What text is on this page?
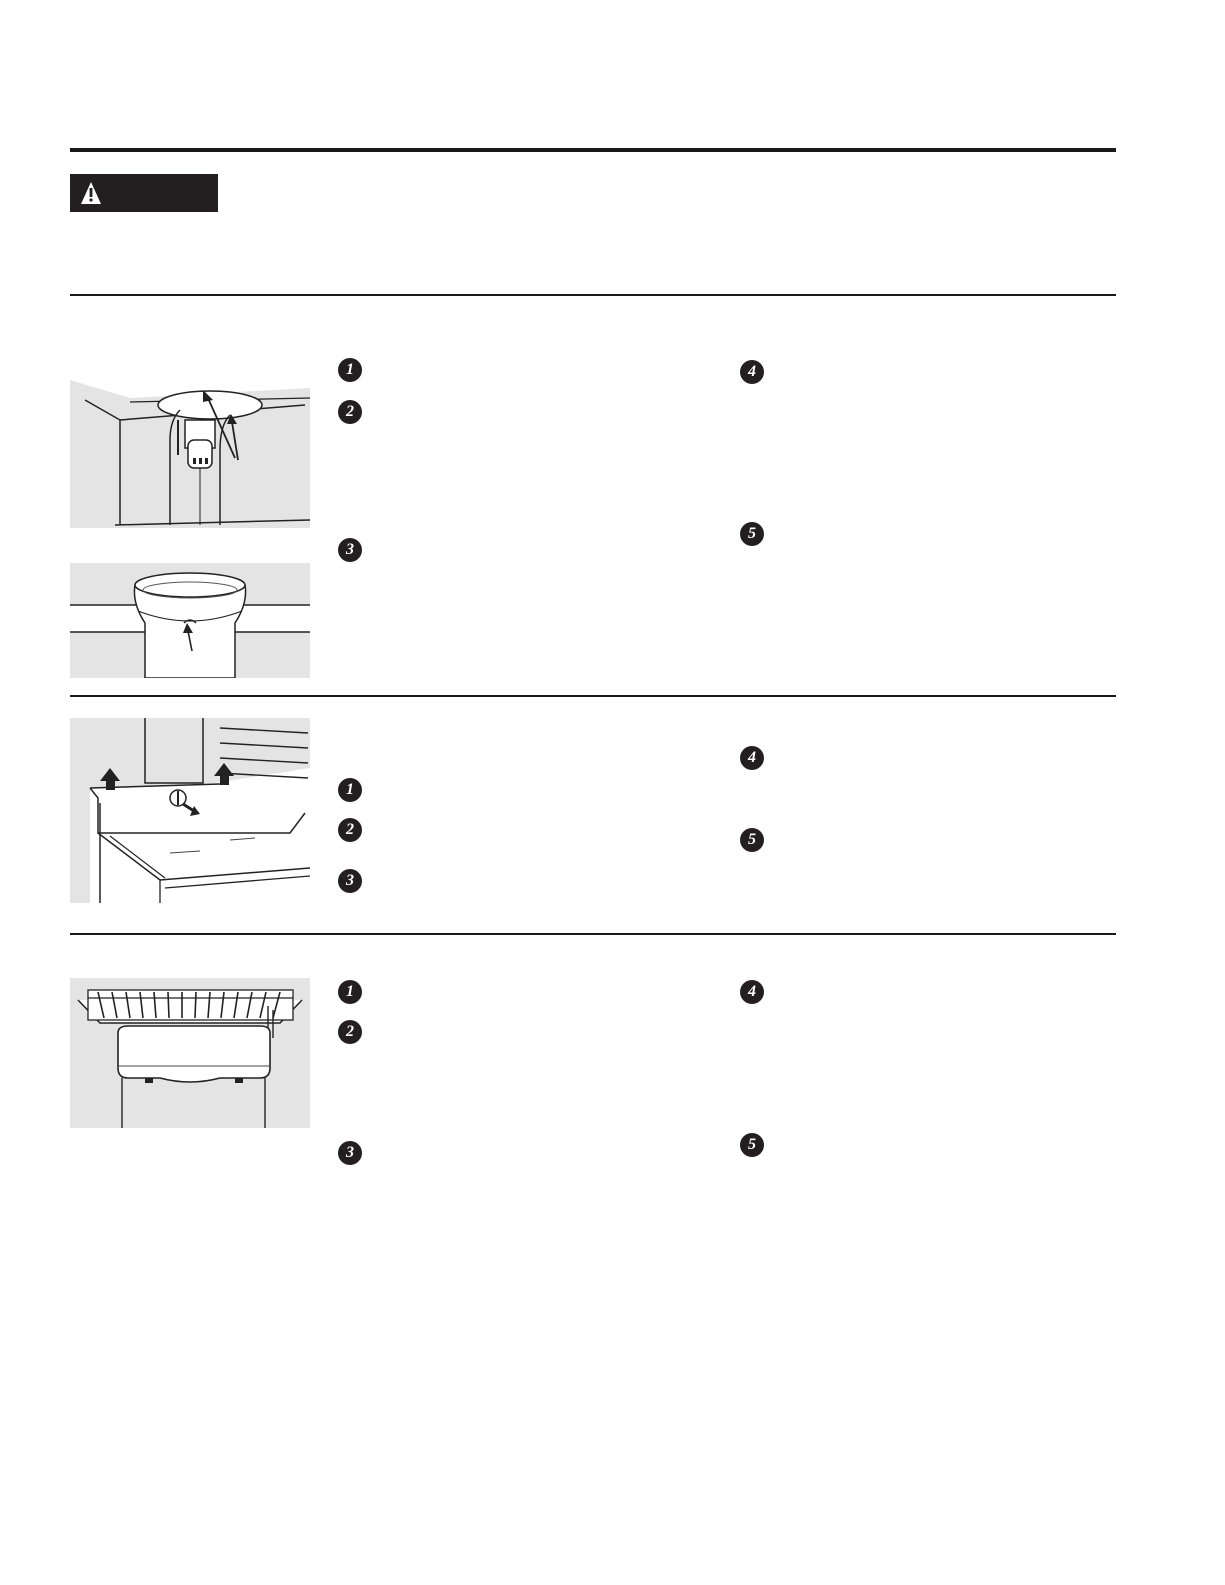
1
2
3
4
5
1
2
3
4
5
1
2
3
4
5
